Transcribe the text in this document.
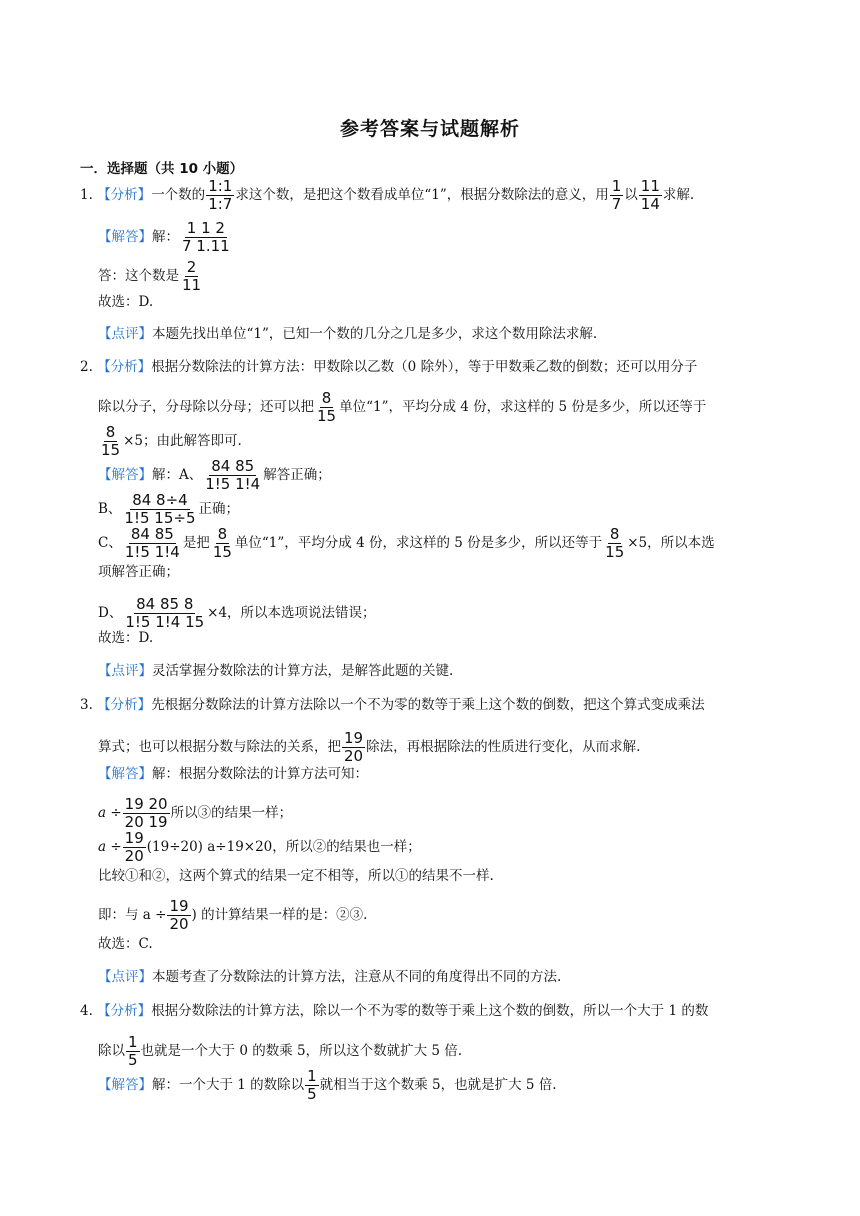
参考答案与试题解析
一．选择题（共 10 小题）
1. 【分析】一个数的 $\frac{1:1}{1:7}$ 求这个数，是把这个数看成单位“1”，根据分数除法的意义，用 $\frac{1}{7}$ 以 $\frac{11}{14}$ 求解.
【解答】解： $\frac{1 1 2}{7 1.11}$
答：这个数是 $\frac{2}{11}$
故选：D.
【点评】本题先找出单位“1”，已知一个数的几分之几是多少，求这个数用除法求解.
2. 【分析】根据分数除法的计算方法：甲数除以乙数（0 除外），等于甲数乘乙数的倒数；还可以用分子
除以分子，分母除以分母；还可以把 $\frac{8}{15}$ 单位“1”，平均分成 4 份，求这样的 5 份是多少，所以还等于
$\frac{8}{15} \times 5$；由此解答即可.
【解答】解：A、 $\frac{84 85}{1!5 1!4}$ 解答正确；
B、 $\frac{84 8\div 4}{1!5 15\div 5}$ 正确；
C、 $\frac{84 85}{1!5 1!4}$ 是把 $\frac{8}{15}$ 单位“1”，平均分成 4 份，求这样的 5 份是多少，所以还等于 $\frac{8}{15} \times 5$，所以本选
项解答正确；
D、 $\frac{84 85 8}{1!5 1!4 15} \times 4$，所以本选项说法错误；
故选：D.
【点评】灵活掌握分数除法的计算方法，是解答此题的关键.
3. 【分析】先根据分数除法的计算方法除以一个不为零的数等于乘上这个数的倒数，把这个算式变成乘法
算式；也可以根据分数与除法的关系，把 $\frac{19}{20}$ 除法，再根据除法的性质进行变化，从而求解.
【解答】解：根据分数除法的计算方法可知：
$a \div \frac{19 20}{20 19}$ 所以③的结果一样；
$a \div \frac{19}{20} (19\div 20)$ a÷19×20，所以②的结果也一样；
比较①和②，这两个算式的结果一定不相等，所以①的结果不一样.
即：与 $a \div \frac{19}{20}$ ) 的计算结果一样的是：②③.
故选：C.
【点评】本题考查了分数除法的计算方法，注意从不同的角度得出不同的方法.
4. 【分析】根据分数除法的计算方法，除以一个不为零的数等于乘上这个数的倒数，所以一个大于 1 的数
除以 $\frac{1}{5}$ 也就是一个大于 0 的数乘 5，所以这个数就扩大 5 倍.
【解答】解：一个大于 1 的数除以 $\frac{1}{5}$ 就相当于这个数乘 5，也就是扩大 5 倍.
